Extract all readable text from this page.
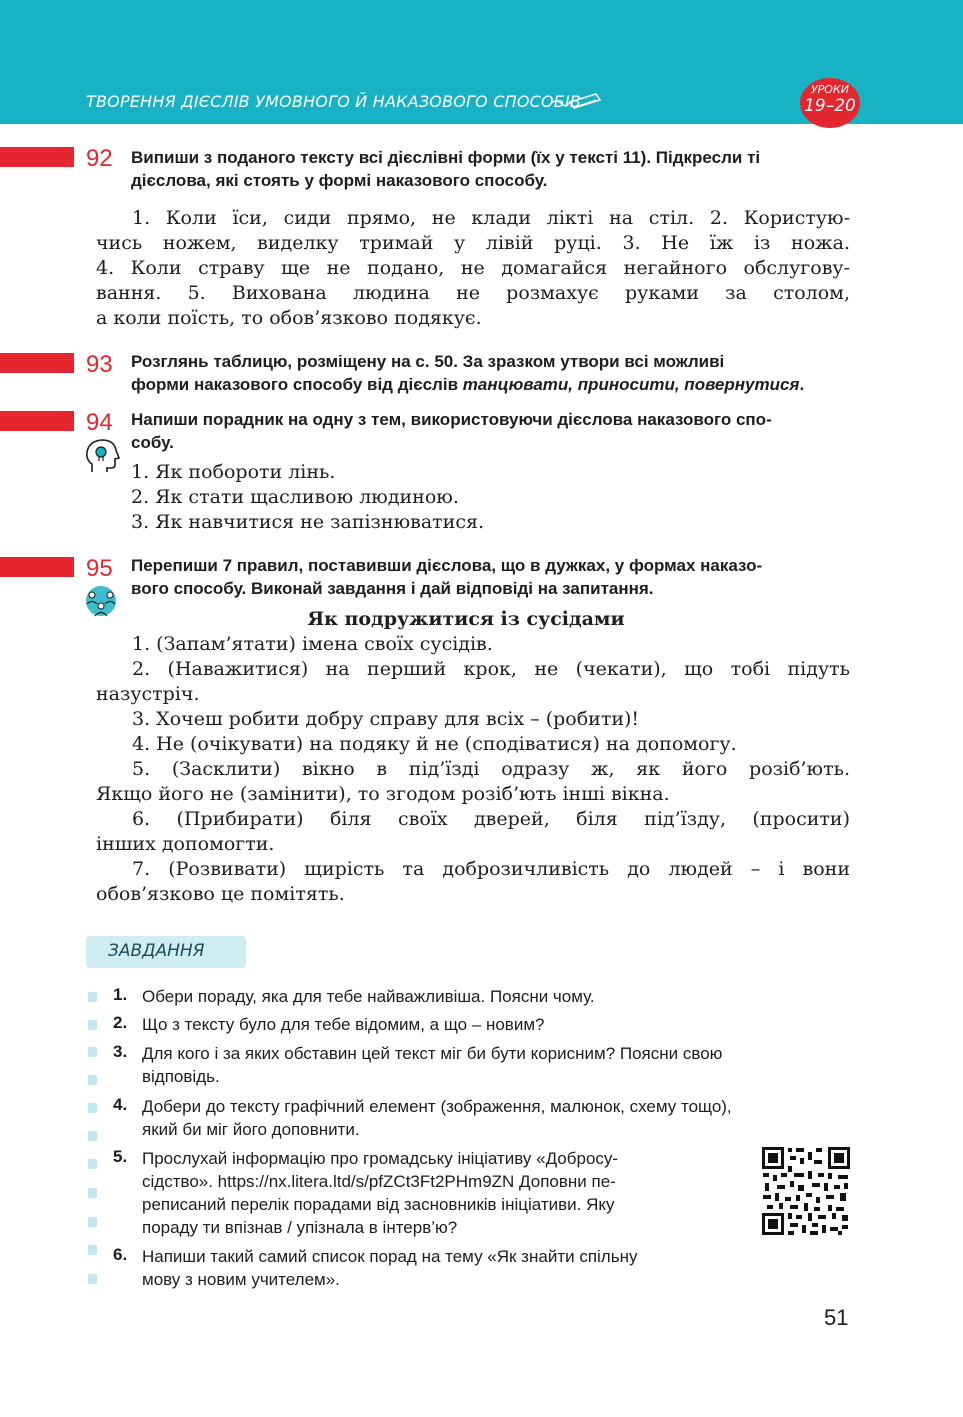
ТВОРЕННЯ ДІЄСЛІВ УМОВНОГО Й НАКАЗОВОГО СПОСОБІВ
УРОКИ
19–20
92 Випиши з поданого тексту всі дієслівні форми (їх у тексті 11). Підкресли ті
дієслова, які стоять у формі наказового способу.
1. Коли їси, сиди прямо, не клади лікті на стіл. 2. Користую-
чись ножем, виделку тримай у лівій руці. 3. Не їж із ножа.
4. Коли страву ще не подано, не домагайся негайного обслугову-
вання. 5. Вихована людина не розмахує руками за столом,
а коли поїсть, то обов’язково подякує.
93 Розглянь таблицю, розміщену на с. 50. За зразком утвори всі можливі
форми наказового способу від дієслів танцювати, приносити, повернутися.
94 Напиши порадник на одну з тем, використовуючи дієслова наказового спо-
собу.
1. Як побороти лінь.
2. Як стати щасливою людиною.
3. Як навчитися не запізнюватися.
95 Перепиши 7 правил, поставивши дієслова, що в дужках, у формах наказо-
вого способу. Виконай завдання і дай відповіді на запитання.
Як подружитися із сусідами
1. (Запам’ятати) імена своїх сусідів.
2. (Наважитися) на перший крок, не (чекати), що тобі підуть
назустріч.
3. Хочеш робити добру справу для всіх – (робити)!
4. Не (очікувати) на подяку й не (сподіватися) на допомогу.
5. (Засклити) вікно в під’їзді одразу ж, як його розіб’ють.
Якщо його не (замінити), то згодом розіб’ють інші вікна.
6. (Прибирати) біля своїх дверей, біля під’їзду, (просити)
інших допомогти.
7. (Розвивати) щирість та доброзичливість до людей – і вони
обов’язково це помітять.
ЗАВДАННЯ
1. Обери пораду, яка для тебе найважливіша. Поясни чому.
2. Що з тексту було для тебе відомим, а що – новим?
3. Для кого і за яких обставин цей текст міг би бути корисним? Поясни свою
відповідь.
4. Добери до тексту графічний елемент (зображення, малюнок, схему тощо),
який би міг його доповнити.
5. Прослухай інформацію про громадську ініціативу «Добросу-
сідство». https://nx.litera.ltd/s/pfZCt3Ft2PHm9ZN Доповни пе-
реписаний перелік порадами від засновників ініціативи. Яку
пораду ти впізнав / упізнала в інтерв’ю?
6. Напиши такий самий список порад на тему «Як знайти спільну
мову з новим учителем».
51
